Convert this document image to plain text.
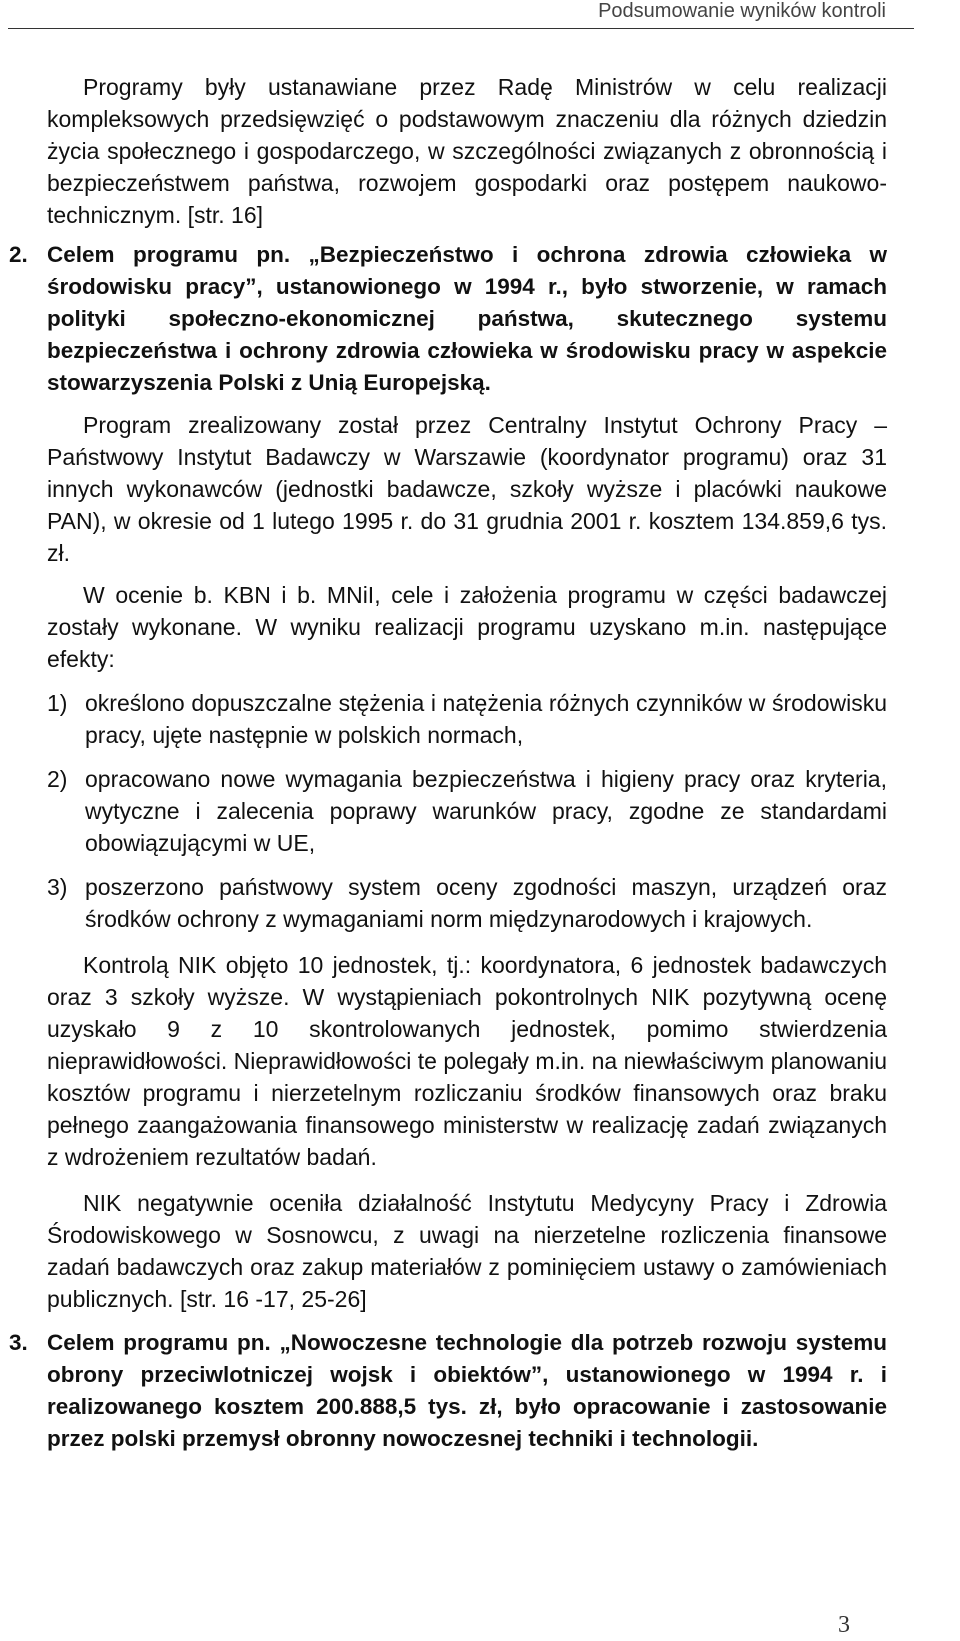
Podsumowanie wyników kontroli

Programy były ustanawiane przez Radę Ministrów w celu realizacji kompleksowych przedsięwzięć o podstawowym znaczeniu dla różnych dziedzin życia społecznego i gospodarczego, w szczególności związanych z obronnością i bezpieczeństwem państwa, rozwojem gospodarki oraz postępem naukowo-technicznym. [str. 16]

2. Celem programu pn. „Bezpieczeństwo i ochrona zdrowia człowieka w środowisku pracy”, ustanowionego w 1994 r., było stworzenie, w ramach polityki społeczno-ekonomicznej państwa, skutecznego systemu bezpieczeństwa i ochrony zdrowia człowieka w środowisku pracy w aspekcie stowarzyszenia Polski z Unią Europejską.

Program zrealizowany został przez Centralny Instytut Ochrony Pracy – Państwowy Instytut Badawczy w Warszawie (koordynator programu) oraz 31 innych wykonawców (jednostki badawcze, szkoły wyższe i placówki naukowe PAN), w okresie od 1 lutego 1995 r. do 31 grudnia 2001 r. kosztem 134.859,6 tys. zł.

W ocenie b. KBN i b. MNiI, cele i założenia programu w części badawczej zostały wykonane. W wyniku realizacji programu uzyskano m.in. następujące efekty:

1) określono dopuszczalne stężenia i natężenia różnych czynników w środowisku pracy, ujęte następnie w polskich normach,
2) opracowano nowe wymagania bezpieczeństwa i higieny pracy oraz kryteria, wytyczne i zalecenia poprawy warunków pracy, zgodne ze standardami obowiązującymi w UE,
3) poszerzono państwowy system oceny zgodności maszyn, urządzeń oraz środków ochrony z wymaganiami norm międzynarodowych i krajowych.

Kontrolą NIK objęto 10 jednostek, tj.: koordynatora, 6 jednostek badawczych oraz 3 szkoły wyższe. W wystąpieniach pokontrolnych NIK pozytywną ocenę uzyskało 9 z 10 skontrolowanych jednostek, pomimo stwierdzenia nieprawidłowości. Nieprawidłowości te polegały m.in. na niewłaściwym planowaniu kosztów programu i nierzetelnym rozliczaniu środków finansowych oraz braku pełnego zaangażowania finansowego ministerstw w realizację zadań związanych z wdrożeniem rezultatów badań.

NIK negatywnie oceniła działalność Instytutu Medycyny Pracy i Zdrowia Środowiskowego w Sosnowcu, z uwagi na nierzetelne rozliczenia finansowe zadań badawczych oraz zakup materiałów z pominięciem ustawy o zamówieniach publicznych. [str. 16 -17, 25-26]

3. Celem programu pn. „Nowoczesne technologie dla potrzeb rozwoju systemu obrony przeciwlotniczej wojsk i obiektów”, ustanowionego w 1994 r. i realizowanego kosztem 200.888,5 tys. zł, było opracowanie i zastosowanie przez polski przemysł obronny nowoczesnej techniki i technologii.
3
